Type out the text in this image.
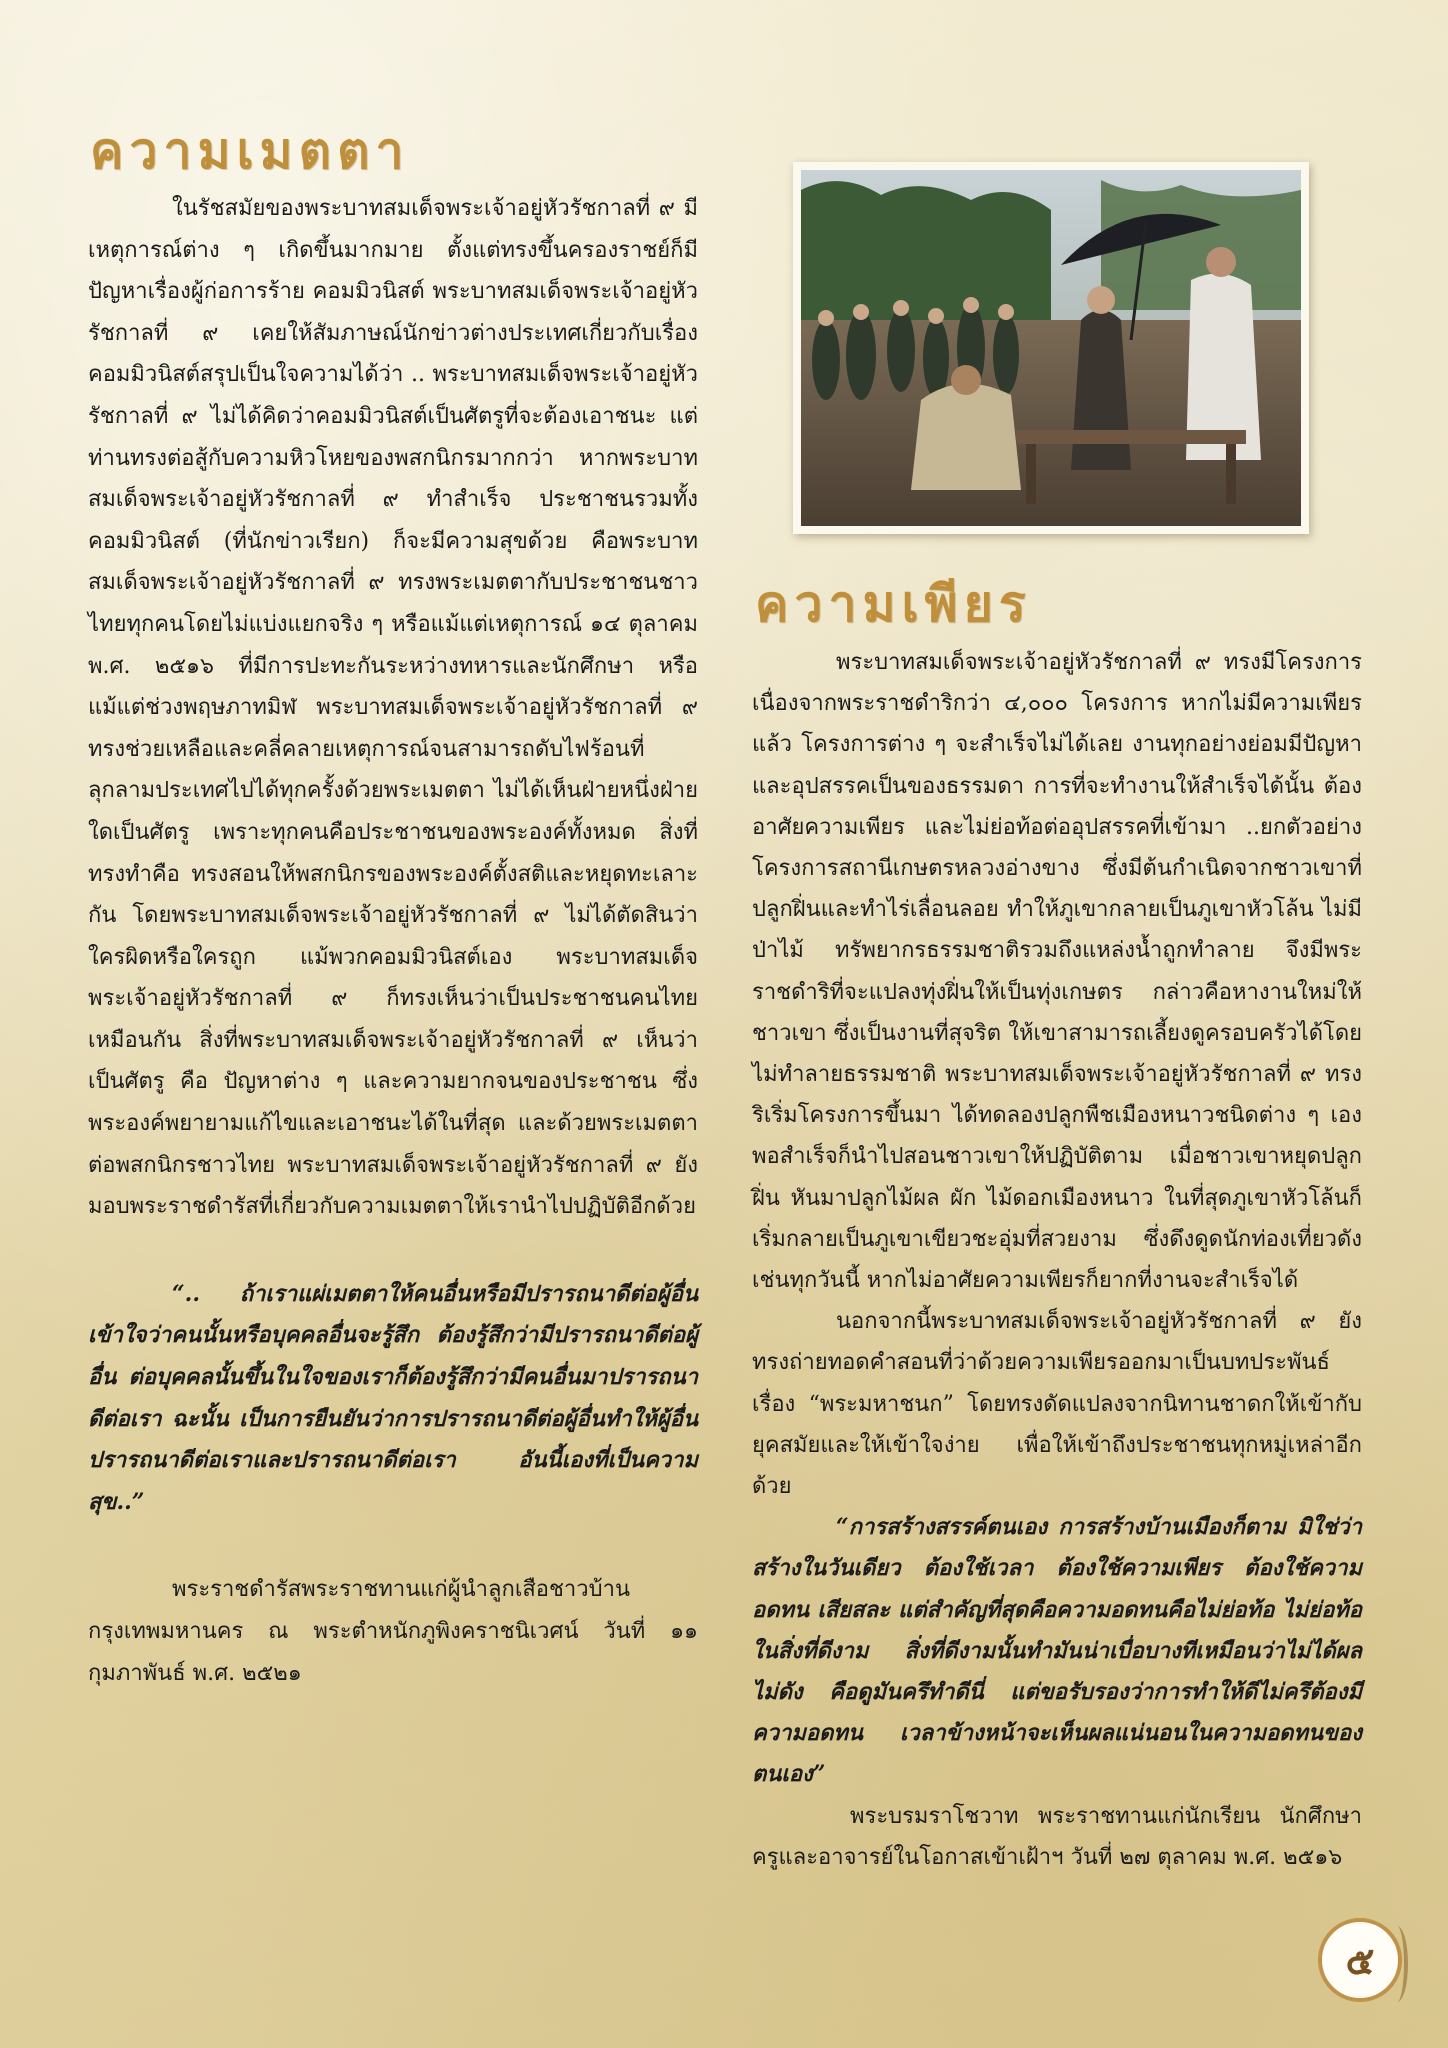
ความเมตตา

ในรัชสมัยของพระบาทสมเด็จพระเจ้าอยู่หัวรัชกาลที่ ๙ มีเหตุการณ์ต่าง ๆ เกิดขึ้นมากมาย ตั้งแต่ทรงขึ้นครองราชย์ก็มีปัญหาเรื่องผู้ก่อการร้าย คอมมิวนิสต์ พระบาทสมเด็จพระเจ้าอยู่หัวรัชกาลที่ ๙ เคยให้สัมภาษณ์นักข่าวต่างประเทศเกี่ยวกับเรื่องคอมมิวนิสต์สรุปเป็นใจความได้ว่า .. พระบาทสมเด็จพระเจ้าอยู่หัวรัชกาลที่ ๙ ไม่ได้คิดว่าคอมมิวนิสต์เป็นศัตรูที่จะต้องเอาชนะ แต่ท่านทรงต่อสู้กับความหิวโหยของพสกนิกรมากกว่า หากพระบาทสมเด็จพระเจ้าอยู่หัวรัชกาลที่ ๙ ทำสำเร็จ ประชาชนรวมทั้งคอมมิวนิสต์ (ที่นักข่าวเรียก) ก็จะมีความสุขด้วย คือพระบาทสมเด็จพระเจ้าอยู่หัวรัชกาลที่ ๙ ทรงพระเมตตากับประชาชนชาวไทยทุกคนโดยไม่แบ่งแยกจริง ๆ หรือแม้แต่เหตุการณ์ ๑๔ ตุลาคม พ.ศ. ๒๕๑๖ ที่มีการปะทะกันระหว่างทหารและนักศึกษา หรือแม้แต่ช่วงพฤษภาทมิฬ พระบาทสมเด็จพระเจ้าอยู่หัวรัชกาลที่ ๙ ทรงช่วยเหลือและคลี่คลายเหตุการณ์จนสามารถดับไฟร้อนที่ลุกลามประเทศไปได้ทุกครั้งด้วยพระเมตตา ไม่ได้เห็นฝ่ายหนึ่งฝ่ายใดเป็นศัตรู เพราะทุกคนคือประชาชนของพระองค์ทั้งหมด สิ่งที่ทรงทำคือ ทรงสอนให้พสกนิกรของพระองค์ตั้งสติและหยุดทะเลาะกัน โดยพระบาทสมเด็จพระเจ้าอยู่หัวรัชกาลที่ ๙ ไม่ได้ตัดสินว่าใครผิดหรือใครถูก แม้พวกคอมมิวนิสต์เอง พระบาทสมเด็จพระเจ้าอยู่หัวรัชกาลที่ ๙ ก็ทรงเห็นว่าเป็นประชาชนคนไทยเหมือนกัน สิ่งที่พระบาทสมเด็จพระเจ้าอยู่หัวรัชกาลที่ ๙ เห็นว่าเป็นศัตรู คือ ปัญหาต่าง ๆ และความยากจนของประชาชน ซึ่งพระองค์พยายามแก้ไขและเอาชนะได้ในที่สุด และด้วยพระเมตตาต่อพสกนิกรชาวไทย พระบาทสมเด็จพระเจ้าอยู่หัวรัชกาลที่ ๙ ยังมอบพระราชดำรัสที่เกี่ยวกับความเมตตาให้เรานำไปปฏิบัติอีกด้วย

“.. ถ้าเราแผ่เมตตาให้คนอื่นหรือมีปรารถนาดีต่อผู้อื่น เข้าใจว่าคนนั้นหรือบุคคลอื่นจะรู้สึก ต้องรู้สึกว่ามีปรารถนาดีต่อผู้อื่น ต่อบุคคลนั้นขึ้นในใจของเราก็ต้องรู้สึกว่ามีคนอื่นมาปรารถนาดีต่อเรา ฉะนั้น เป็นการยืนยันว่าการปรารถนาดีต่อผู้อื่นทำให้ผู้อื่นปรารถนาดีต่อเราและปรารถนาดีต่อเรา อันนี้เองที่เป็นความสุข..”

พระราชดำรัสพระราชทานแก่ผู้นำลูกเสือชาวบ้านกรุงเทพมหานคร ณ พระตำหนักภูพิงคราชนิเวศน์ วันที่ ๑๑ กุมภาพันธ์ พ.ศ. ๒๕๒๑

ความเพียร

พระบาทสมเด็จพระเจ้าอยู่หัวรัชกาลที่ ๙ ทรงมีโครงการเนื่องจากพระราชดำริกว่า ๔,๐๐๐ โครงการ หากไม่มีความเพียรแล้ว โครงการต่าง ๆ จะสำเร็จไม่ได้เลย งานทุกอย่างย่อมมีปัญหาและอุปสรรคเป็นของธรรมดา การที่จะทำงานให้สำเร็จได้นั้น ต้องอาศัยความเพียร และไม่ย่อท้อต่ออุปสรรคที่เข้ามา ..ยกตัวอย่างโครงการสถานีเกษตรหลวงอ่างขาง ซึ่งมีต้นกำเนิดจากชาวเขาที่ปลูกฝิ่นและทำไร่เลื่อนลอย ทำให้ภูเขากลายเป็นภูเขาหัวโล้น ไม่มีป่าไม้ ทรัพยากรธรรมชาติรวมถึงแหล่งน้ำถูกทำลาย จึงมีพระราชดำริที่จะแปลงทุ่งฝิ่นให้เป็นทุ่งเกษตร กล่าวคือหางานใหม่ให้ชาวเขา ซึ่งเป็นงานที่สุจริต ให้เขาสามารถเลี้ยงดูครอบครัวได้โดยไม่ทำลายธรรมชาติ พระบาทสมเด็จพระเจ้าอยู่หัวรัชกาลที่ ๙ ทรงริเริ่มโครงการขึ้นมา ได้ทดลองปลูกพืชเมืองหนาวชนิดต่าง ๆ เอง พอสำเร็จก็นำไปสอนชาวเขาให้ปฏิบัติตาม เมื่อชาวเขาหยุดปลูกฝิ่น หันมาปลูกไม้ผล ผัก ไม้ดอกเมืองหนาว ในที่สุดภูเขาหัวโล้นก็เริ่มกลายเป็นภูเขาเขียวชะอุ่มที่สวยงาม ซึ่งดึงดูดนักท่องเที่ยวดังเช่นทุกวันนี้ หากไม่อาศัยความเพียรก็ยากที่งานจะสำเร็จได้

นอกจากนี้พระบาทสมเด็จพระเจ้าอยู่หัวรัชกาลที่ ๙ ยังทรงถ่ายทอดคำสอนที่ว่าด้วยความเพียรออกมาเป็นบทประพันธ์เรื่อง “พระมหาชนก” โดยทรงดัดแปลงจากนิทานชาดกให้เข้ากับยุคสมัยและให้เข้าใจง่าย เพื่อให้เข้าถึงประชาชนทุกหมู่เหล่าอีกด้วย

“การสร้างสรรค์ตนเอง การสร้างบ้านเมืองก็ตาม มิใช่ว่าสร้างในวันเดียว ต้องใช้เวลา ต้องใช้ความเพียร ต้องใช้ความอดทน เสียสละ แต่สำคัญที่สุดคือความอดทนคือไม่ย่อท้อ ไม่ย่อท้อในสิ่งที่ดีงาม สิ่งที่ดีงามนั้นทำมันน่าเบื่อบางทีเหมือนว่าไม่ได้ผล ไม่ดัง คือดูมันครึทำดีนี่ แต่ขอรับรองว่าการทำให้ดีไม่ครึต้องมีความอดทน เวลาข้างหน้าจะเห็นผลแน่นอนในความอดทนของตนเอง”

พระบรมราโชวาท พระราชทานแก่นักเรียน นักศึกษา ครูและอาจารย์ในโอกาสเข้าเฝ้าฯ วันที่ ๒๗ ตุลาคม พ.ศ. ๒๕๑๖

๕
